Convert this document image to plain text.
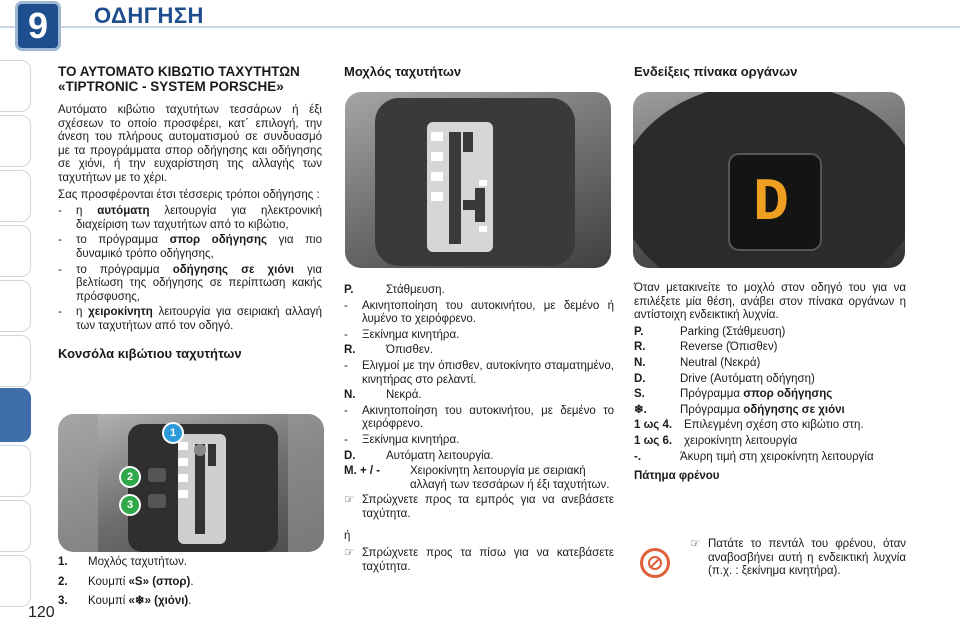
9	ΟΔΗΓΗΣΗ
120
ΤΟ ΑΥΤΟΜΑΤΟ ΚΙΒΩΤΙΟ ΤΑΧΥΤΗΤΩΝ «TIPTRONIC - SYSTEM PORSCHE»

Αυτόματο κιβώτιο ταχυτήτων τεσσάρων ή έξι σχέσεων το οποίο προσφέρει, κατ΄ επιλογή, την άνεση του πλήρους αυτοματισμού σε συνδυασμό με τα προγράμματα σπορ οδήγησης και οδήγησης σε χιόνι, ή την ευχαρίστηση της αλλαγής των ταχυτήτων με το χέρι.

Σας προσφέρονται έτσι τέσσερις τρόποι οδήγησης :

-	η αυτόματη λειτουργία για ηλεκτρονική διαχείριση των ταχυτήτων από το κιβώτιο,
-	το πρόγραμμα σπορ οδήγησης για πιο δυναμικό τρόπο οδήγησης,
-	το πρόγραμμα οδήγησης σε χιόνι για βελτίωση της οδήγησης σε περίπτωση κακής πρόσφυσης,
-	η χειροκίνητη λειτουργία για σειριακή αλλαγή των ταχυτήτων από τον οδηγό.
Κονσόλα κιβώτιου ταχυτήτων
1
2
3
1.	Μοχλός ταχυτήτων.
2.	Κουμπί «S» (σπορ).
3.	Κουμπί «❄» (χιόνι).
Μοχλός ταχυτήτων
P.	Στάθμευση.
-	Ακινητοποίηση του αυτοκινήτου, με δεμένο ή λυμένο το χειρόφρενο.
-	Ξεκίνημα κινητήρα.
R.	Όπισθεν.
-	Ελιγμοί με την όπισθεν, αυτοκίνητο σταματημένο, κινητήρας στο ρελαντί.
N.	Νεκρά.
-	Ακινητοποίηση του αυτοκινήτου, με δεμένο το χειρόφρενο.
-	Ξεκίνημα κινητήρα.
D.	Αυτόματη λειτουργία.
M. + / -	Χειροκίνητη λειτουργία με σειριακή αλλαγή των τεσσάρων ή έξι ταχυτήτων.
☞ Σπρώχνετε προς τα εμπρός για να ανεβάσετε ταχύτητα.
ή
☞ Σπρώχνετε προς τα πίσω για να κατεβάσετε ταχύτητα.
Ενδείξεις πίνακα οργάνων
D

Όταν μετακινείτε το μοχλό στον οδηγό του για να επιλέξετε μία θέση, ανάβει στον πίνακα οργάνων η αντίστοιχη ενδεικτική λυχνία.

P.	Parking (Στάθμευση)
R.	Reverse (Όπισθεν)
N.	Neutral (Νεκρά)
D.	Drive (Αυτόματη οδήγηση)
S.	Πρόγραμμα σπορ οδήγησης
❄.	Πρόγραμμα οδήγησης σε χιόνι
1 ως 4.	Επιλεγμένη σχέση στο κιβώτιο στη.
1 ως 6.	χειροκίνητη λειτουργία
-.	Άκυρη τιμή στη χειροκίνητη λειτουργία
Πάτημα φρένου
☞ Πατάτε το πεντάλ του φρένου, όταν αναβοσβήνει αυτή η ενδεικτική λυχνία (π.χ. : ξεκίνημα κινητήρα).
